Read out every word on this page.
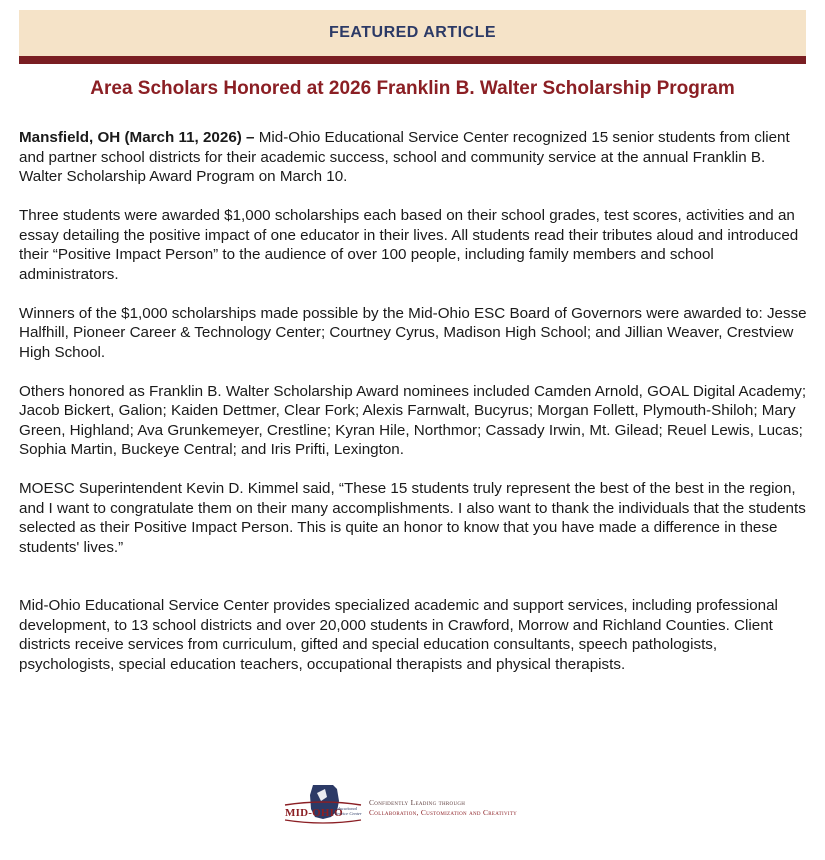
FEATURED ARTICLE
Area Scholars Honored at 2026 Franklin B. Walter Scholarship Program

Mansfield, OH (March 11, 2026) – Mid-Ohio Educational Service Center recognized 15 senior students from client and partner school districts for their academic success, school and community service at the annual Franklin B. Walter Scholarship Award Program on March 10.

Three students were awarded $1,000 scholarships each based on their school grades, test scores, activities and an essay detailing the positive impact of one educator in their lives. All students read their tributes aloud and introduced their “Positive Impact Person” to the audience of over 100 people, including family members and school administrators.

Winners of the $1,000 scholarships made possible by the Mid-Ohio ESC Board of Governors were awarded to: Jesse Halfhill, Pioneer Career & Technology Center; Courtney Cyrus, Madison High School; and Jillian Weaver, Crestview High School.

Others honored as Franklin B. Walter Scholarship Award nominees included Camden Arnold, GOAL Digital Academy; Jacob Bickert, Galion; Kaiden Dettmer, Clear Fork; Alexis Farnwalt, Bucyrus; Morgan Follett, Plymouth-Shiloh; Mary Green, Highland; Ava Grunkemeyer, Crestline; Kyran Hile, Northmor; Cassady Irwin, Mt. Gilead; Reuel Lewis, Lucas; Sophia Martin, Buckeye Central; and Iris Prifti, Lexington.

MOESC Superintendent Kevin D. Kimmel said, “These 15 students truly represent the best of the best in the region, and I want to congratulate them on their many accomplishments. I also want to thank the individuals that the students selected as their Positive Impact Person. This is quite an honor to know that you have made a difference in these students' lives.”

Mid-Ohio Educational Service Center provides specialized academic and support services, including professional development, to 13 school districts and over 20,000 students in Crawford, Morrow and Richland Counties. Client districts receive services from curriculum, gifted and special education consultants, speech pathologists, psychologists, special education teachers, occupational therapists and physical therapists.

MID-OHIO
Educational Service Center
Confidently Leading through
Collaboration, Customization and Creativity
